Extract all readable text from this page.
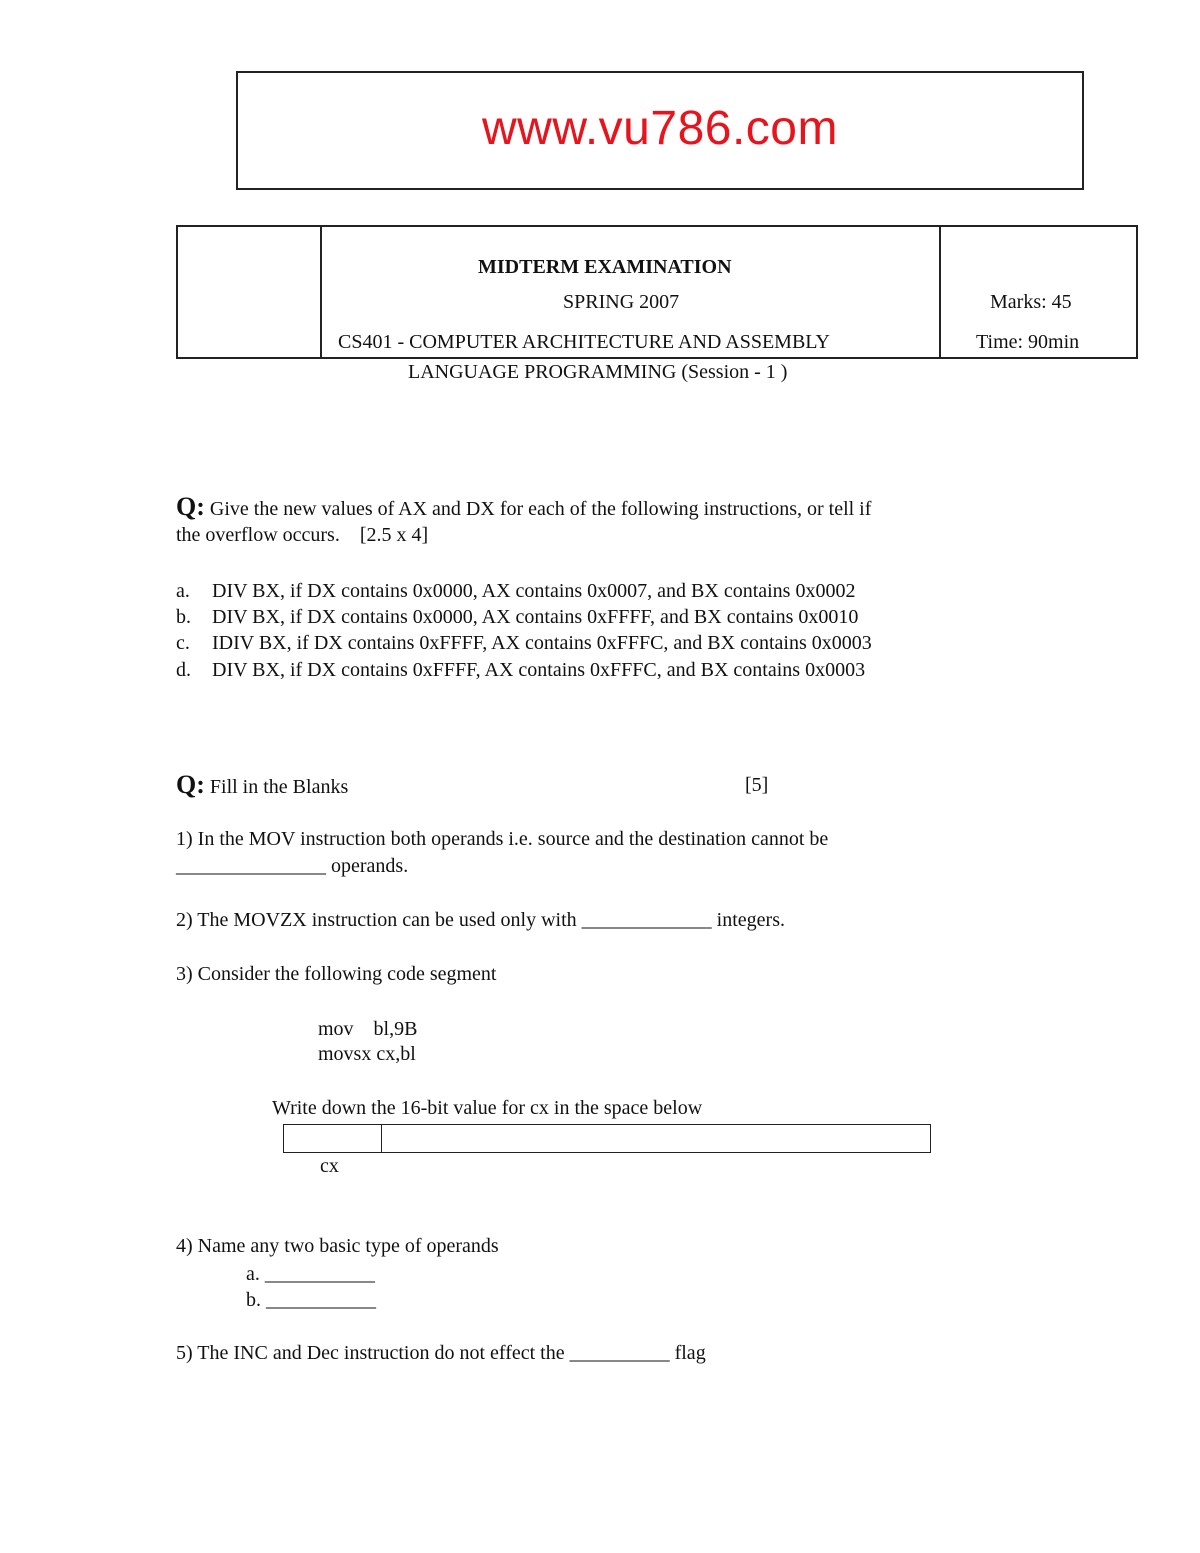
www.vu786.com
MIDTERM EXAMINATION
SPRING 2007
CS401 - COMPUTER ARCHITECTURE AND ASSEMBLY
Marks: 45
Time: 90min
LANGUAGE PROGRAMMING (Session - 1 )
Q: Give the new values of AX and DX for each of the following instructions, or tell if
the overflow occurs.    [2.5 x 4]
a. DIV BX, if DX contains 0x0000, AX contains 0x0007, and BX contains 0x0002
b. DIV BX, if DX contains 0x0000, AX contains 0xFFFF, and BX contains 0x0010
c. IDIV BX, if DX contains 0xFFFF, AX contains 0xFFFC, and BX contains 0x0003
d. DIV BX, if DX contains 0xFFFF, AX contains 0xFFFC, and BX contains 0x0003
Q: Fill in the Blanks	[5]
1) In the MOV instruction both operands i.e. source and the destination cannot be
_______________ operands.
2) The MOVZX instruction can be used only with _____________ integers.
3) Consider the following code segment
mov    bl,9B
movsx cx,bl
Write down the 16-bit value for cx in the space below
cx
4) Name any two basic type of operands
a. ___________
b. ___________
5) The INC and Dec instruction do not effect the __________ flag
